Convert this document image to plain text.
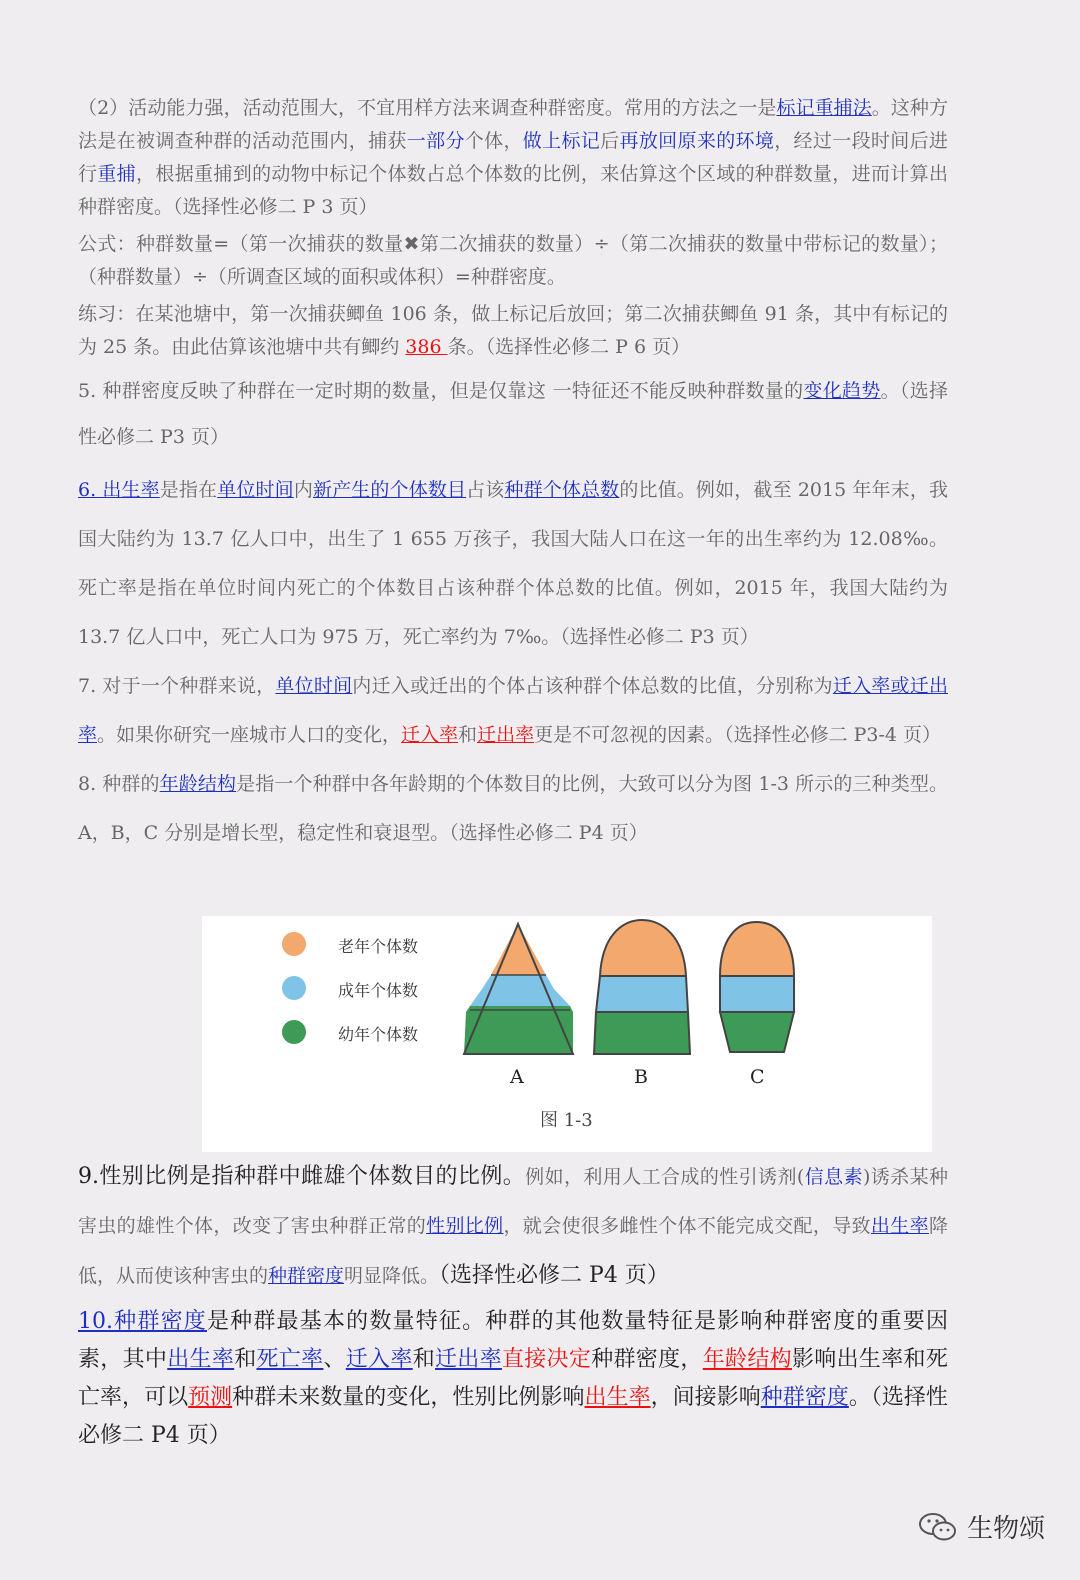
（2）活动能力强，活动范围大，不宜用样方法来调查种群密度。常用的方法之一是标记重捕法。这种方法是在被调查种群的活动范围内，捕获一部分个体，做上标记后再放回原来的环境，经过一段时间后进行重捕，根据重捕到的动物中标记个体数占总个体数的比例，来估算这个区域的种群数量，进而计算出种群密度。（选择性必修二 P 3 页）

公式：种群数量=（第一次捕获的数量✖第二次捕获的数量）÷（第二次捕获的数量中带标记的数量）；（种群数量）÷（所调查区域的面积或体积）=种群密度。

练习：在某池塘中，第一次捕获鲫鱼 106 条，做上标记后放回；第二次捕获鲫鱼 91 条，其中有标记的为 25 条。由此估算该池塘中共有鲫约 386 条。（选择性必修二 P 6 页）

5. 种群密度反映了种群在一定时期的数量，但是仅靠这 一特征还不能反映种群数量的变化趋势。（选择性必修二 P3 页）

6. 出生率是指在单位时间内新产生的个体数目占该种群个体总数的比值。例如，截至 2015 年年末，我国大陆约为 13.7 亿人口中，出生了 1 655 万孩子，我国大陆人口在这一年的出生率约为 12.08‰。死亡率是指在单位时间内死亡的个体数目占该种群个体总数的比值。例如，2015 年，我国大陆约为 13.7 亿人口中，死亡人口为 975 万，死亡率约为 7‰。（选择性必修二 P3 页）

7. 对于一个种群来说，单位时间内迁入或迁出的个体占该种群个体总数的比值，分别称为迁入率或迁出率。如果你研究一座城市人口的变化，迁入率和迁出率更是不可忽视的因素。（选择性必修二 P3-4 页）

8. 种群的年龄结构是指一个种群中各年龄期的个体数目的比例，大致可以分为图 1-3 所示的三种类型。A，B，C 分别是增长型，稳定性和衰退型。（选择性必修二 P4 页）

老年个体数
成年个体数
幼年个体数
A	B	C
图 1-3

9.性别比例是指种群中雌雄个体数目的比例。例如，利用人工合成的性引诱剂(信息素)诱杀某种害虫的雄性个体，改变了害虫种群正常的性别比例，就会使很多雌性个体不能完成交配，导致出生率降低，从而使该种害虫的种群密度明显降低。（选择性必修二 P4 页）

10.种群密度是种群最基本的数量特征。种群的其他数量特征是影响种群密度的重要因素，其中出生率和死亡率、迁入率和迁出率直接决定种群密度，年龄结构影响出生率和死亡率，可以预测种群未来数量的变化，性别比例影响出生率，间接影响种群密度。（选择性必修二 P4 页）

生物颂
